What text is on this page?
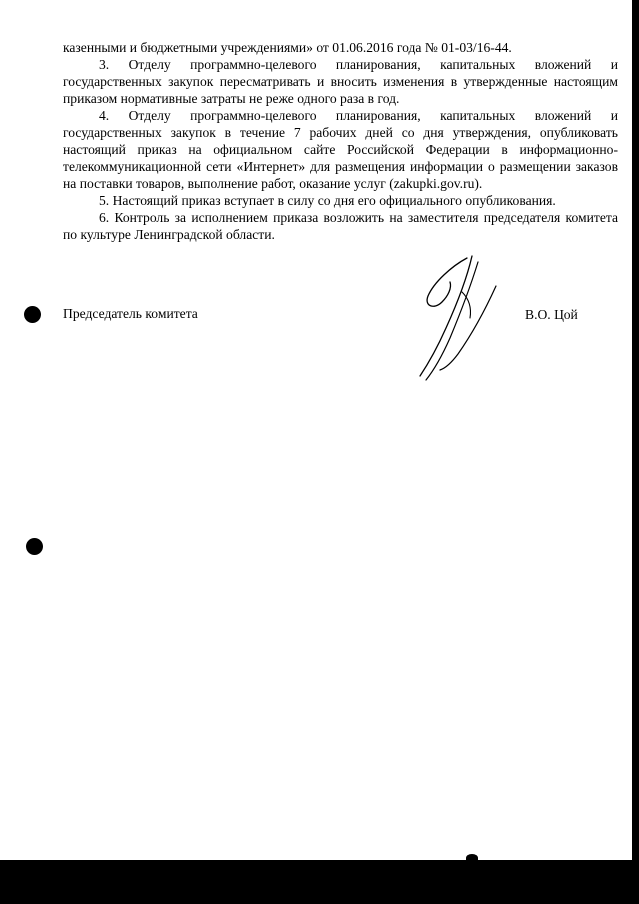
казенными и бюджетными учреждениями» от 01.06.2016 года № 01-03/16-44.

3. Отделу программно-целевого планирования, капитальных вложений и государственных закупок пересматривать и вносить изменения в утвержденные настоящим приказом нормативные затраты не реже одного раза в год.

4. Отделу программно-целевого планирования, капитальных вложений и государственных закупок в течение 7 рабочих дней со дня утверждения, опубликовать настоящий приказ на официальном сайте Российской Федерации в информационно-телекоммуникационной сети «Интернет» для размещения информации о размещении заказов на поставки товаров, выполнение работ, оказание услуг (zakupki.gov.ru).

5. Настоящий приказ вступает в силу со дня его официального опубликования.

6. Контроль за исполнением приказа возложить на заместителя председателя комитета по культуре Ленинградской области.

Председатель комитета	В.О. Цой
